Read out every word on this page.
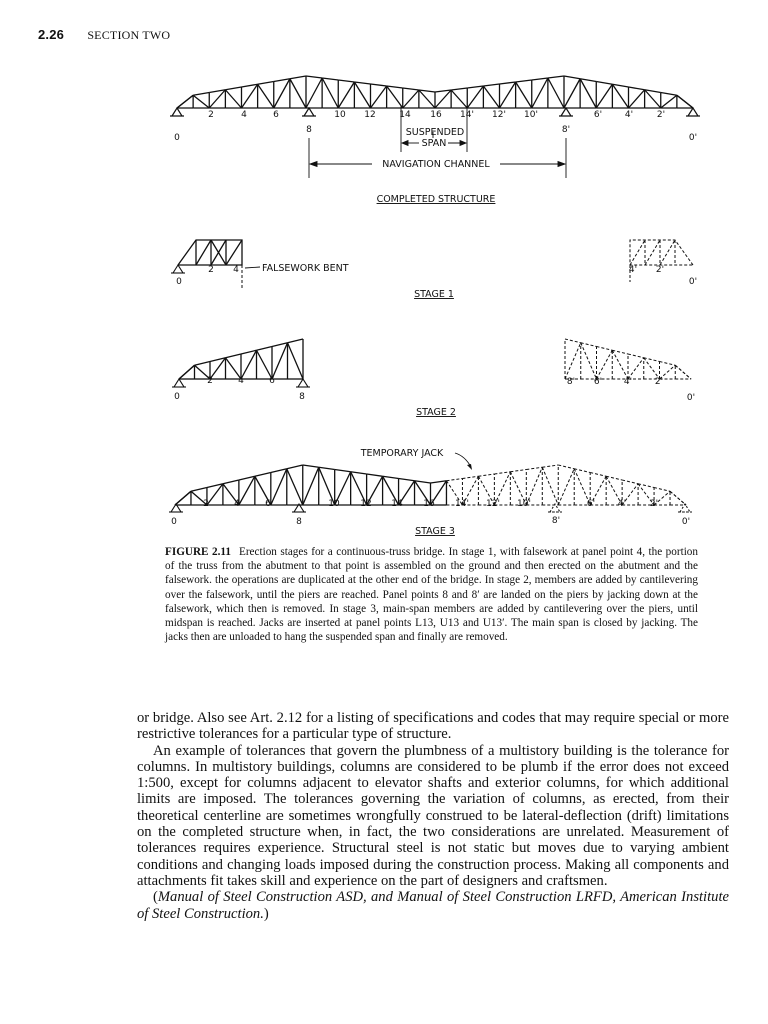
2.26 SECTION TWO
0
2	4	6
8
10 12	14 16 14' 12' 10'
8'
6'	4'	2'
0'
SUSPENDED
SPAN
NAVIGATION CHANNEL
COMPLETED STRUCTURE
0
2 4 FALSEWORK BENT	4' 2'
0'
STAGE 1
0
2	4	6
8
8' 6' 4'	2'
0'
STAGE 2
TEMPORARY JACK
0
2	4	6
8
10 12 14 16 14' 12' 10'
8'
6'	4'	2'
0'
STAGE 3
FIGURE 2.11 Erection stages for a continuous-truss bridge. In stage 1, with falsework at panel point 4, the portion of the truss from the abutment to that point is assembled on the ground and then erected on the abutment and the falsework. the operations are duplicated at the other end of the bridge. In stage 2, members are added by cantilevering over the falsework, until the piers are reached. Panel points 8 and 8′ are landed on the piers by jacking down at the falsework, which then is removed. In stage 3, main-span members are added by cantilevering over the piers, until midspan is reached. Jacks are inserted at panel points L13, U13 and U13′. The main span is closed by jacking. The jacks then are unloaded to hang the suspended span and finally are removed.

or bridge. Also see Art. 2.12 for a listing of specifications and codes that may require special or more restrictive tolerances for a particular type of structure.

An example of tolerances that govern the plumbness of a multistory building is the tolerance for columns. In multistory buildings, columns are considered to be plumb if the error does not exceed 1:500, except for columns adjacent to elevator shafts and exterior columns, for which additional limits are imposed. The tolerances governing the variation of columns, as erected, from their theoretical centerline are sometimes wrongfully construed to be lateral-deflection (drift) limitations on the completed structure when, in fact, the two considerations are unrelated. Measurement of tolerances requires experience. Structural steel is not static but moves due to varying ambient conditions and changing loads imposed during the construction process. Making all components and attachments fit takes skill and experience on the part of designers and craftsmen.

(Manual of Steel Construction ASD, and Manual of Steel Construction LRFD, American Institute of Steel Construction.)
